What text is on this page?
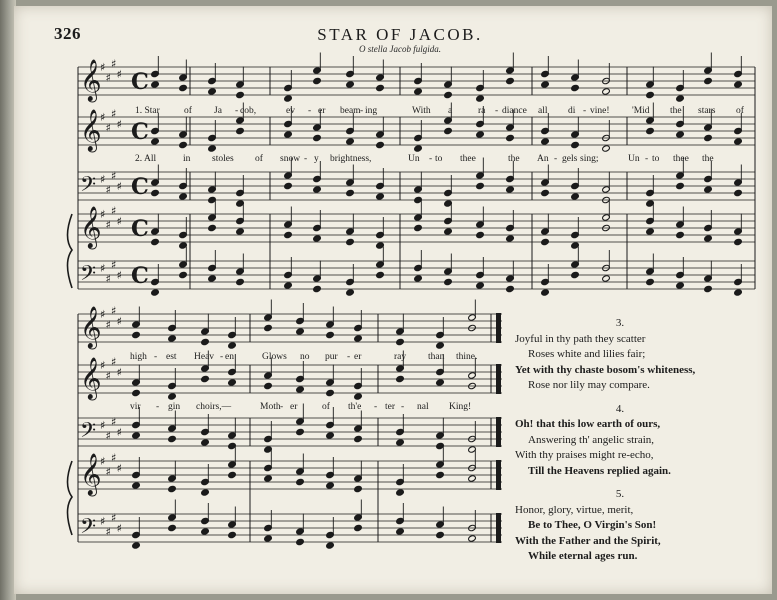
𝄞
♯
♯
♯
♯ C
𝄞
♯
♯
♯
♯ C
𝄢 ♯
♯
♯
♯ C
𝄞
♯
♯
♯
♯ C
𝄢 ♯
♯
♯
♯ C
𝄞
♯
♯
♯
♯
𝄞
♯
♯
♯
♯
𝄢 ♯
♯
♯
♯
𝄞
♯
♯
♯
♯
𝄢 ♯
♯
♯
♯
326	STAR OF JACOB.
O stella Jacob fulgida.
1. Star	of Ja - cob,	ev - er beam - ing	With a	ra - diance all di - vine! 'Mid the stars of
2. All	in stoles of snow - y brightness,	Un - to thee	the An - gels sing;	Un - to thee the
high - est Heav - en	Glows no pur - er	ray than thine.
vir - gin choirs,—	Moth - er	of th'e - ter - nal King!
3.
Joyful in thy path they scatter
Roses white and lilies fair;
Yet with thy chaste bosom's whiteness,
Rose nor lily may compare.
4.
Oh! that this low earth of ours,
Answering th' angelic strain,
With thy praises might re-echo,
Till the Heavens replied again.
5.
Honor, glory, virtue, merit,
Be to Thee, O Virgin's Son!
With the Father and the Spirit,
While eternal ages run.
